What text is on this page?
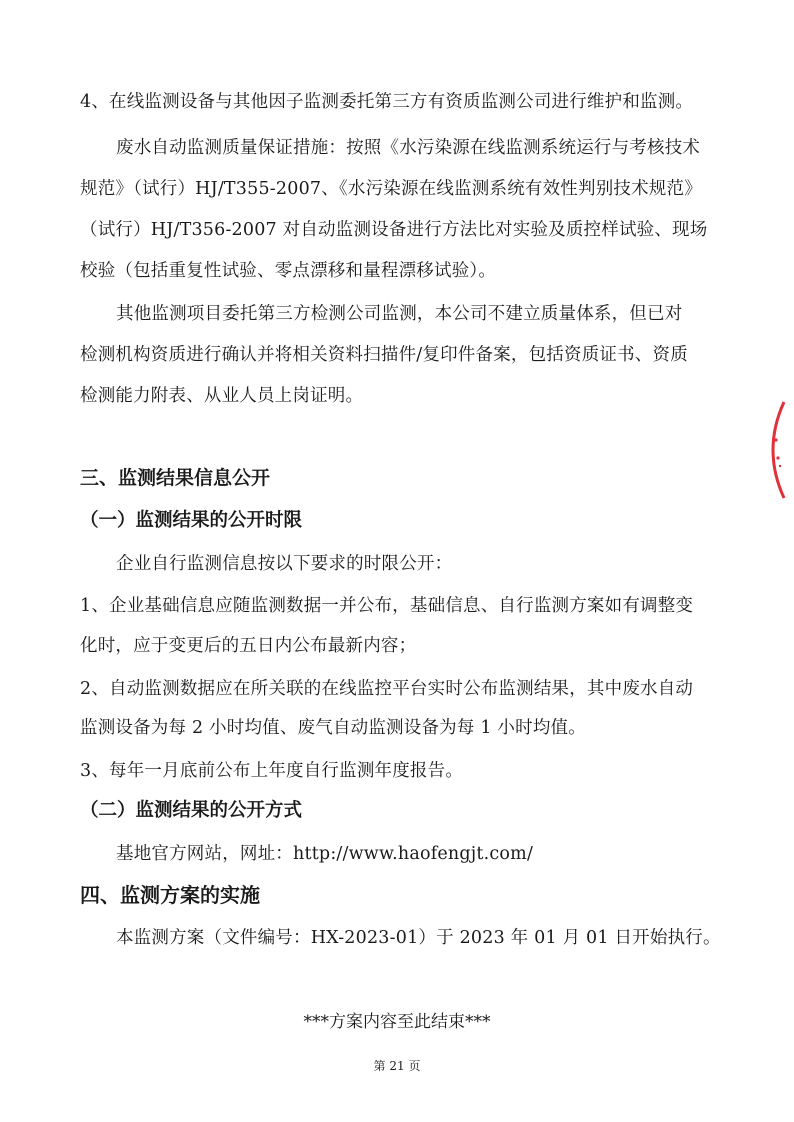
4、在线监测设备与其他因子监测委托第三方有资质监测公司进行维护和监测。
废水自动监测质量保证措施：按照《水污染源在线监测系统运行与考核技术
规范》（试行）HJ/T355-2007、《水污染源在线监测系统有效性判别技术规范》
（试行）HJ/T356-2007 对自动监测设备进行方法比对实验及质控样试验、现场
校验（包括重复性试验、零点漂移和量程漂移试验）。
其他监测项目委托第三方检测公司监测，本公司不建立质量体系，但已对
检测机构资质进行确认并将相关资料扫描件/复印件备案，包括资质证书、资质
检测能力附表、从业人员上岗证明。
三、监测结果信息公开
（一）监测结果的公开时限
企业自行监测信息按以下要求的时限公开：
1、企业基础信息应随监测数据一并公布，基础信息、自行监测方案如有调整变
化时，应于变更后的五日内公布最新内容；
2、自动监测数据应在所关联的在线监控平台实时公布监测结果，其中废水自动
监测设备为每 2 小时均值、废气自动监测设备为每 1 小时均值。
3、每年一月底前公布上年度自行监测年度报告。
（二）监测结果的公开方式
基地官方网站，网址：http://www.haofengjt.com/
四、监测方案的实施
本监测方案（文件编号：HX-2023-01）于 2023 年 01 月 01 日开始执行。
***方案内容至此结束***
第 21 页
